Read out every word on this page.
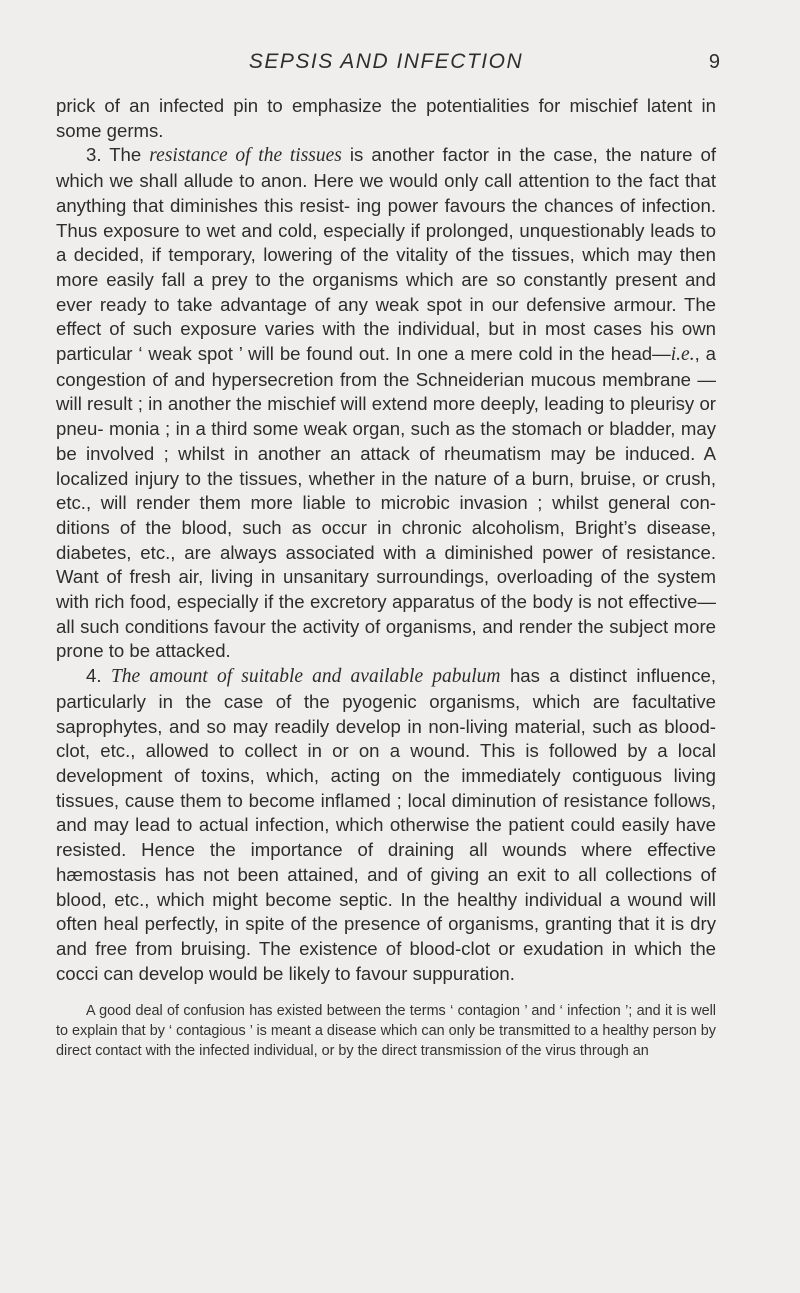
SEPSIS AND INFECTION	9

prick of an infected pin to emphasize the potentialities for mischief latent in some germs.

3. The resistance of the tissues is another factor in the case, the nature of which we shall allude to anon. Here we would only call attention to the fact that anything that diminishes this resist- ing power favours the chances of infection. Thus exposure to wet and cold, especially if prolonged, unquestionably leads to a decided, if temporary, lowering of the vitality of the tissues, which may then more easily fall a prey to the organisms which are so constantly present and ever ready to take advantage of any weak spot in our defensive armour. The effect of such exposure varies with the individual, but in most cases his own particular ‘ weak spot ’ will be found out. In one a mere cold in the head—i.e., a congestion of and hypersecretion from the Schneiderian mucous membrane — will result ; in another the mischief will extend more deeply, leading to pleurisy or pneu- monia ; in a third some weak organ, such as the stomach or bladder, may be involved ; whilst in another an attack of rheumatism may be induced. A localized injury to the tissues, whether in the nature of a burn, bruise, or crush, etc., will render them more liable to microbic invasion ; whilst general con- ditions of the blood, such as occur in chronic alcoholism, Bright’s disease, diabetes, etc., are always associated with a diminished power of resistance. Want of fresh air, living in unsanitary surroundings, overloading of the system with rich food, especially if the excretory apparatus of the body is not effective—all such conditions favour the activity of organisms, and render the subject more prone to be attacked.

4. The amount of suitable and available pabulum has a distinct influence, particularly in the case of the pyogenic organisms, which are facultative saprophytes, and so may readily develop in non-living material, such as blood-clot, etc., allowed to collect in or on a wound. This is followed by a local development of toxins, which, acting on the immediately contiguous living tissues, cause them to become inflamed ; local diminution of resistance follows, and may lead to actual infection, which otherwise the patient could easily have resisted. Hence the importance of draining all wounds where effective hæmostasis has not been attained, and of giving an exit to all collections of blood, etc., which might become septic. In the healthy individual a wound will often heal perfectly, in spite of the presence of organisms, granting that it is dry and free from bruising. The existence of blood-clot or exudation in which the cocci can develop would be likely to favour suppuration.

A good deal of confusion has existed between the terms ‘ contagion ’ and ‘ infection ’; and it is well to explain that by ‘ contagious ’ is meant a disease which can only be transmitted to a healthy person by direct contact with the infected individual, or by the direct transmission of the virus through an
